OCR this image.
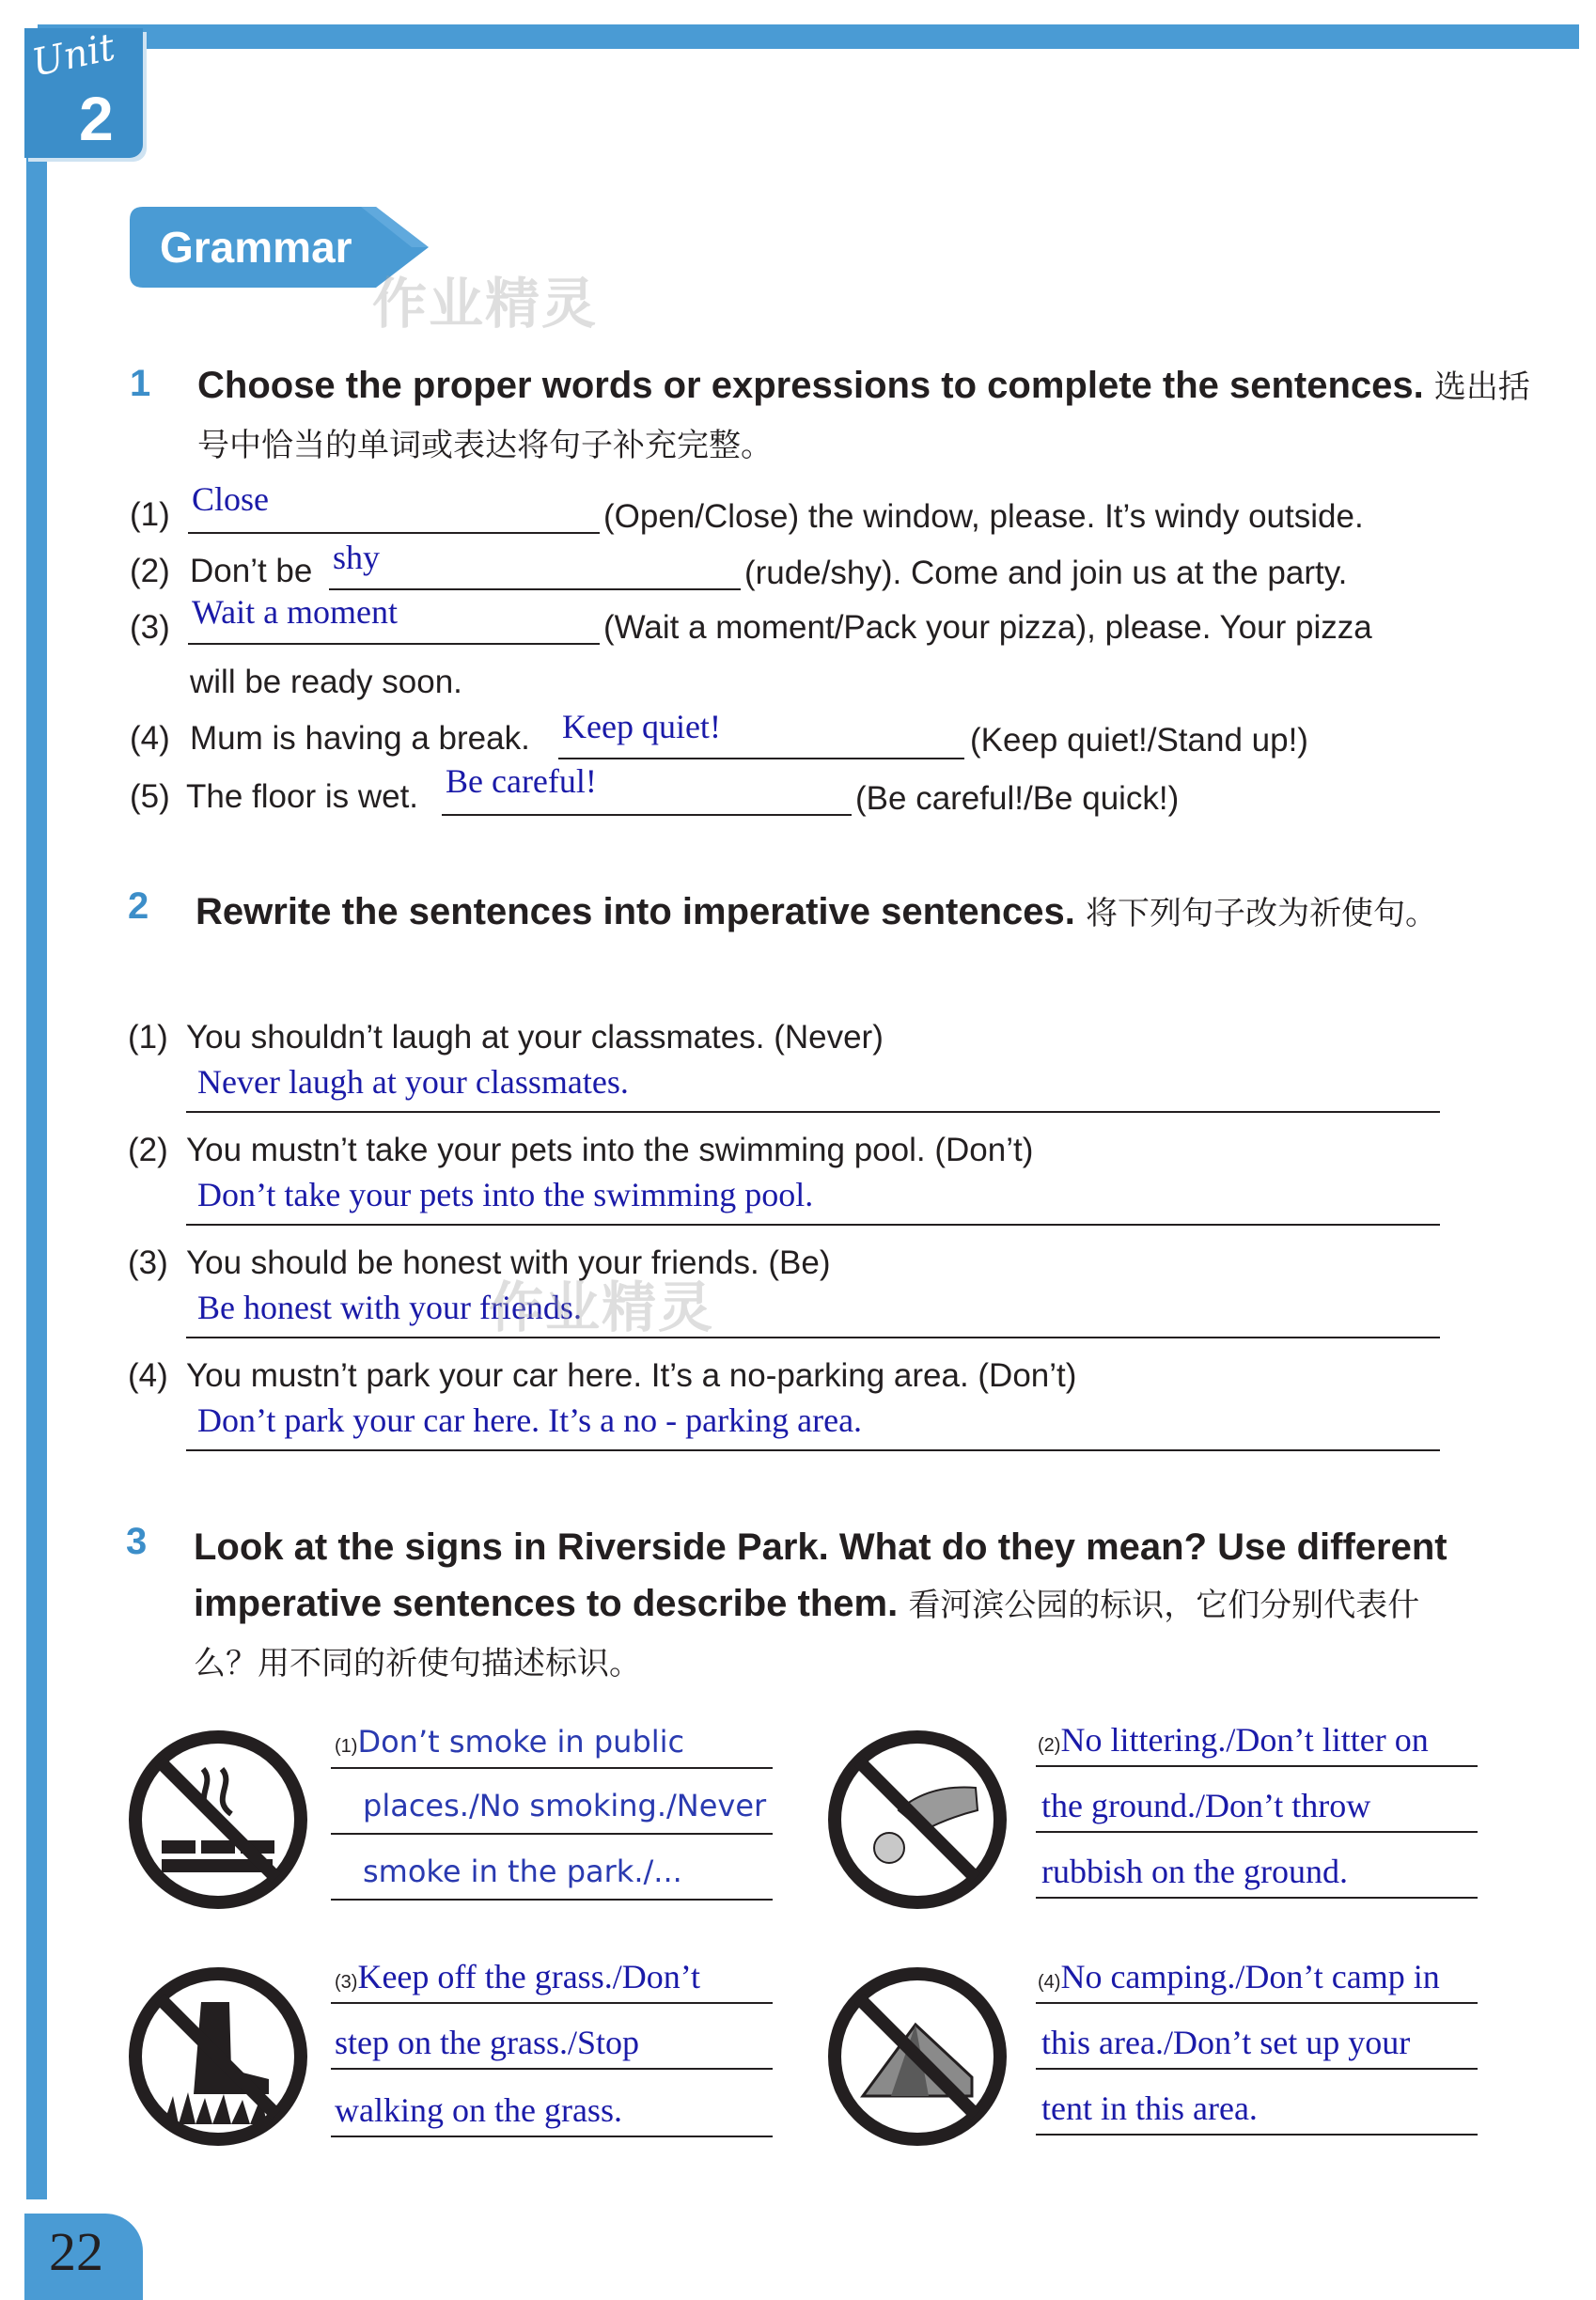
Unit
2
Grammar
作业精灵
1 Choose the proper words or expressions to complete the sentences. 选出括号中恰当的单词或表达将句子补充完整。
(1) Close	(Open/Close) the window, please. It’s windy outside.
(2) Don’t be shy	(rude/shy). Come and join us at the party.
(3) Wait a moment	(Wait a moment/Pack your pizza), please. Your pizza
will be ready soon.
(4) Mum is having a break. Keep quiet!	(Keep quiet!/Stand up!)
(5) The floor is wet. Be careful!	(Be careful!/Be quick!)
2 Rewrite the sentences into imperative sentences. 将下列句子改为祈使句。
(1) You shouldn’t laugh at your classmates. (Never)
Never laugh at your classmates.
(2) You mustn’t take your pets into the swimming pool. (Don’t)
Don’t take your pets into the swimming pool.
(3) You should be honest with your friends. (Be)
Be honest with your friends.
作业精灵
(4) You mustn’t park your car here. It’s a no-parking area. (Don’t)
Don’t park your car here. It’s a no - parking area.
3 Look at the signs in Riverside Park. What do they mean? Use different imperative sentences to describe them. 看河滨公园的标识，它们分别代表什么？用不同的祈使句描述标识。
(1)Don’t smoke in public
places./No smoking./Never
smoke in the park./...
(2)No littering./Don’t litter on
the ground./Don’t throw
rubbish on the ground.
(3)Keep off the grass./Don’t
step on the grass./Stop
walking on the grass.
(4)No camping./Don’t camp in
this area./Don’t set up your
tent in this area.
22
